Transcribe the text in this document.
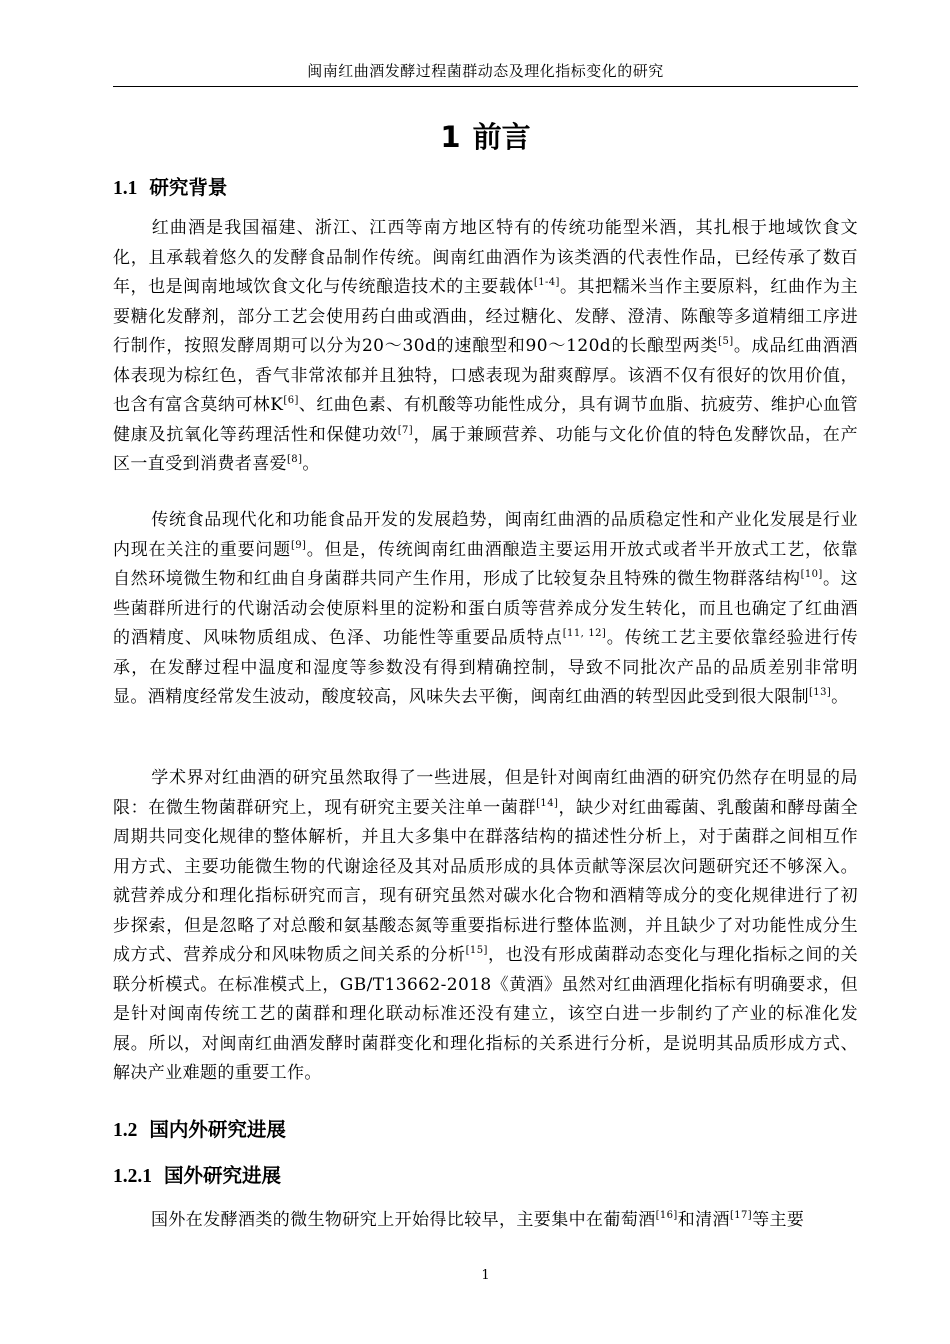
闽南红曲酒发酵过程菌群动态及理化指标变化的研究
1 前言
1.1 研究背景

红曲酒是我国福建、浙江、江西等南方地区特有的传统功能型米酒，其扎根于地域饮食文化，且承载着悠久的发酵食品制作传统。闽南红曲酒作为该类酒的代表性作品，已经传承了数百年，也是闽南地域饮食文化与传统酿造技术的主要载体[1-4]。其把糯米当作主要原料，红曲作为主要糖化发酵剂，部分工艺会使用药白曲或酒曲，经过糖化、发酵、澄清、陈酿等多道精细工序进行制作，按照发酵周期可以分为20～30d的速酿型和90～120d的长酿型两类[5]。成品红曲酒酒体表现为棕红色，香气非常浓郁并且独特，口感表现为甜爽醇厚。该酒不仅有很好的饮用价值，也含有富含莫纳可林K[6]、红曲色素、有机酸等功能性成分，具有调节血脂、抗疲劳、维护心血管健康及抗氧化等药理活性和保健功效[7]，属于兼顾营养、功能与文化价值的特色发酵饮品，在产区一直受到消费者喜爱[8]。

传统食品现代化和功能食品开发的发展趋势，闽南红曲酒的品质稳定性和产业化发展是行业内现在关注的重要问题[9]。但是，传统闽南红曲酒酿造主要运用开放式或者半开放式工艺，依靠自然环境微生物和红曲自身菌群共同产生作用，形成了比较复杂且特殊的微生物群落结构[10]。这些菌群所进行的代谢活动会使原料里的淀粉和蛋白质等营养成分发生转化，而且也确定了红曲酒的酒精度、风味物质组成、色泽、功能性等重要品质特点[11, 12]。传统工艺主要依靠经验进行传承，在发酵过程中温度和湿度等参数没有得到精确控制，导致不同批次产品的品质差别非常明显。酒精度经常发生波动，酸度较高，风味失去平衡，闽南红曲酒的转型因此受到很大限制[13]。

学术界对红曲酒的研究虽然取得了一些进展，但是针对闽南红曲酒的研究仍然存在明显的局限：在微生物菌群研究上，现有研究主要关注单一菌群[14]，缺少对红曲霉菌、乳酸菌和酵母菌全周期共同变化规律的整体解析，并且大多集中在群落结构的描述性分析上，对于菌群之间相互作用方式、主要功能微生物的代谢途径及其对品质形成的具体贡献等深层次问题研究还不够深入。就营养成分和理化指标研究而言，现有研究虽然对碳水化合物和酒精等成分的变化规律进行了初步探索，但是忽略了对总酸和氨基酸态氮等重要指标进行整体监测，并且缺少了对功能性成分生成方式、营养成分和风味物质之间关系的分析[15]，也没有形成菌群动态变化与理化指标之间的关联分析模式。在标准模式上，GB/T13662-2018《黄酒》虽然对红曲酒理化指标有明确要求，但是针对闽南传统工艺的菌群和理化联动标准还没有建立，该空白进一步制约了产业的标准化发展。所以，对闽南红曲酒发酵时菌群变化和理化指标的关系进行分析，是说明其品质形成方式、解决产业难题的重要工作。

1.2 国内外研究进展
1.2.1 国外研究进展

国外在发酵酒类的微生物研究上开始得比较早，主要集中在葡萄酒[16]和清酒[17]等主要

1
